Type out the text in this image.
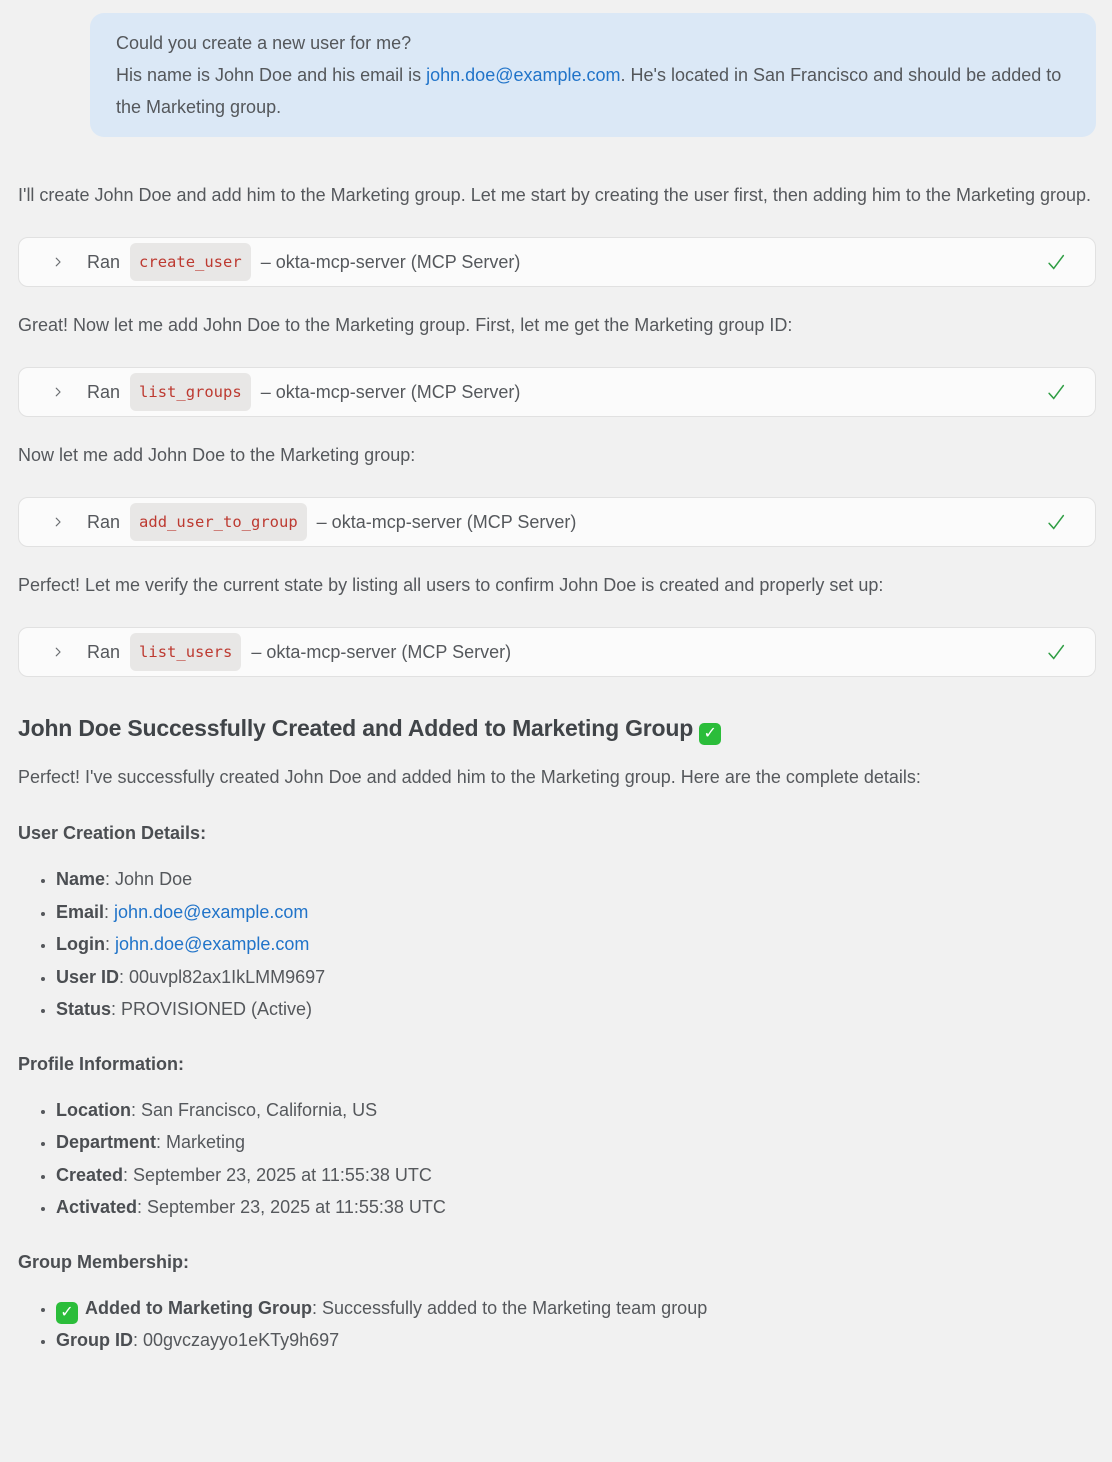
Could you create a new user for me?
His name is John Doe and his email is john.doe@example.com. He's located in San Francisco and should be added to the Marketing group.

I'll create John Doe and add him to the Marketing group. Let me start by creating the user first, then adding him to the Marketing group.

Ran	create_user	– okta-mcp-server (MCP Server)

Great! Now let me add John Doe to the Marketing group. First, let me get the Marketing group ID:

Ran	list_groups	– okta-mcp-server (MCP Server)

Now let me add John Doe to the Marketing group:

Ran	add_user_to_group	– okta-mcp-server (MCP Server)

Perfect! Let me verify the current state by listing all users to confirm John Doe is created and properly set up:

Ran	list_users	– okta-mcp-server (MCP Server)
John Doe Successfully Created and Added to Marketing Group ✓

Perfect! I've successfully created John Doe and added him to the Marketing group. Here are the complete details:

User Creation Details:

• Name: John Doe
• Email: john.doe@example.com
• Login: john.doe@example.com
• User ID: 00uvpl82ax1IkLMM9697
• Status: PROVISIONED (Active)

Profile Information:

• Location: San Francisco, California, US
• Department: Marketing
• Created: September 23, 2025 at 11:55:38 UTC
• Activated: September 23, 2025 at 11:55:38 UTC

Group Membership:

• ✓ Added to Marketing Group: Successfully added to the Marketing team group
• Group ID: 00gvczayyo1eKTy9h697
